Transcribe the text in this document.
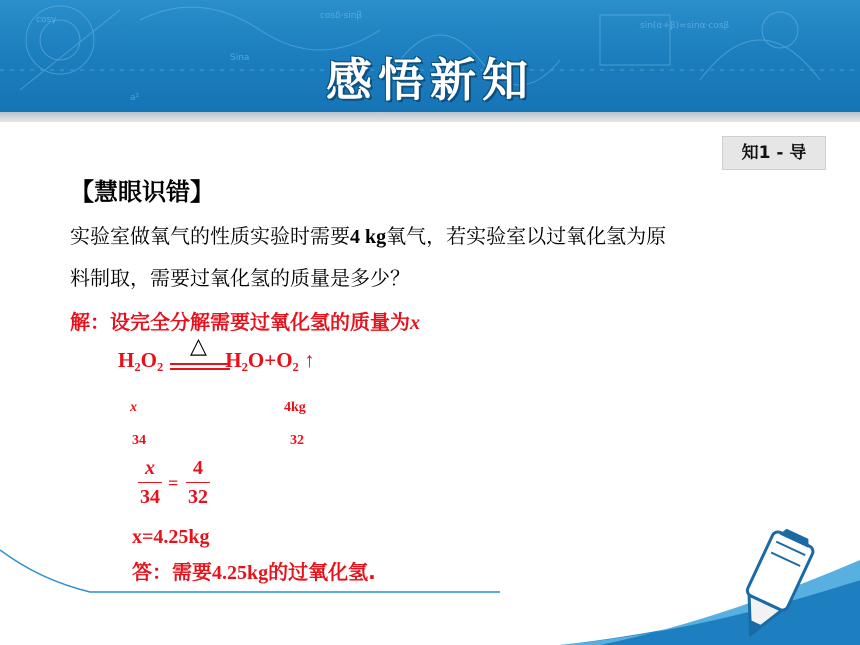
cosγ	cosδ·sinβ
sin(α+β)=sinα·cosβ
Sina
a²	感悟新知
知1 - 导
【慧眼识错】
实验室做氧气的性质实验时需要4 kg氧气，若实验室以过氧化氢为原
料制取，需要过氧化氢的质量是多少？
解：设完全分解需要过氧化氢的质量为x
△
H₂O₂	H₂O+O₂ ↑
x	4kg
34	32
x
34
=
4
32
x=4.25kg
答：需要4.25kg的过氧化氢.
